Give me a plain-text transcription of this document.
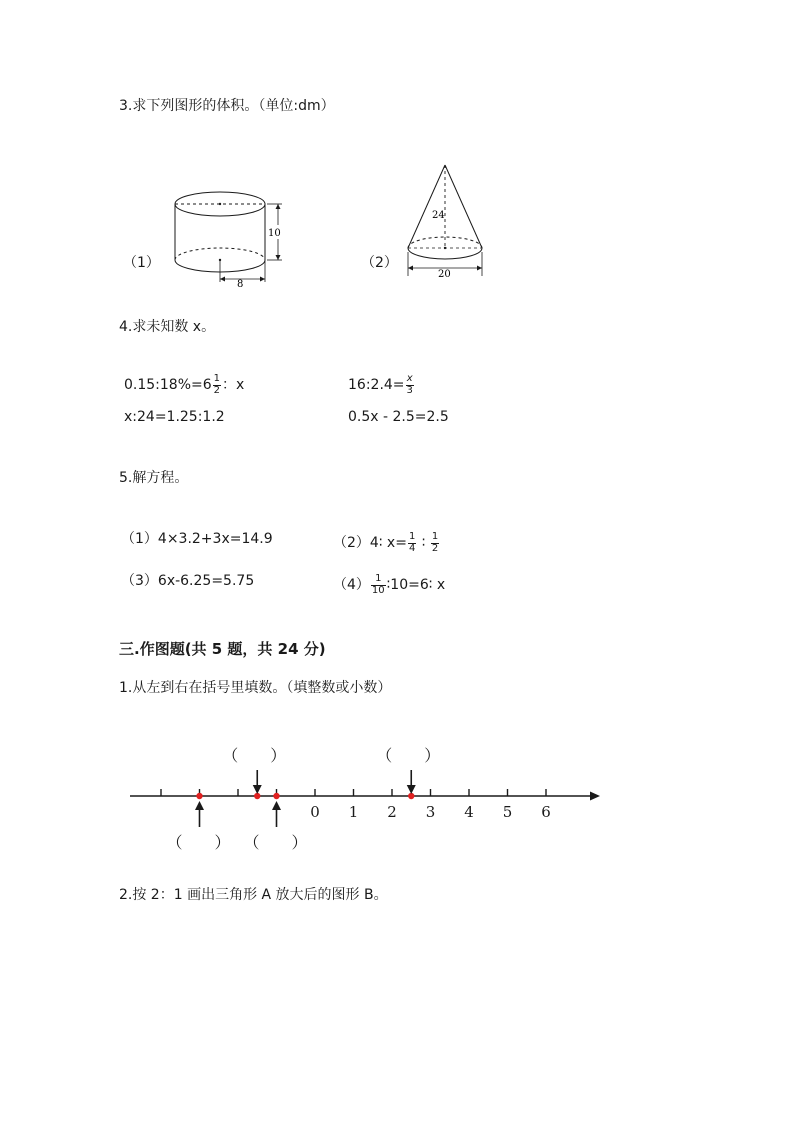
3.求下列图形的体积。（单位:dm）
（1）
10
8
（2）
24
20
4.求未知数 x。
0.15:18%=6 $\frac{1}{2}$ ：x	16:2.4= $\frac{x}{3}$
x:24=1.25:1.2	0.5x - 2.5=2.5
5.解方程。
（1）4×3.2+3x=14.9	（2）4∶ $x= \frac{1}{4}$ ∶ $\frac{1}{2}$
（3）6x-6.25=5.75	$(4) \frac{1}{10}$ ∶10=6∶ x
三.作图题(共 5 题，共 24 分)
1.从左到右在括号里填数。（填整数或小数）
0 1 2 3 4 5 6
（　　）	（　　）
（　　） （　　）
2.按 2：1 画出三角形 A 放大后的图形 B。
